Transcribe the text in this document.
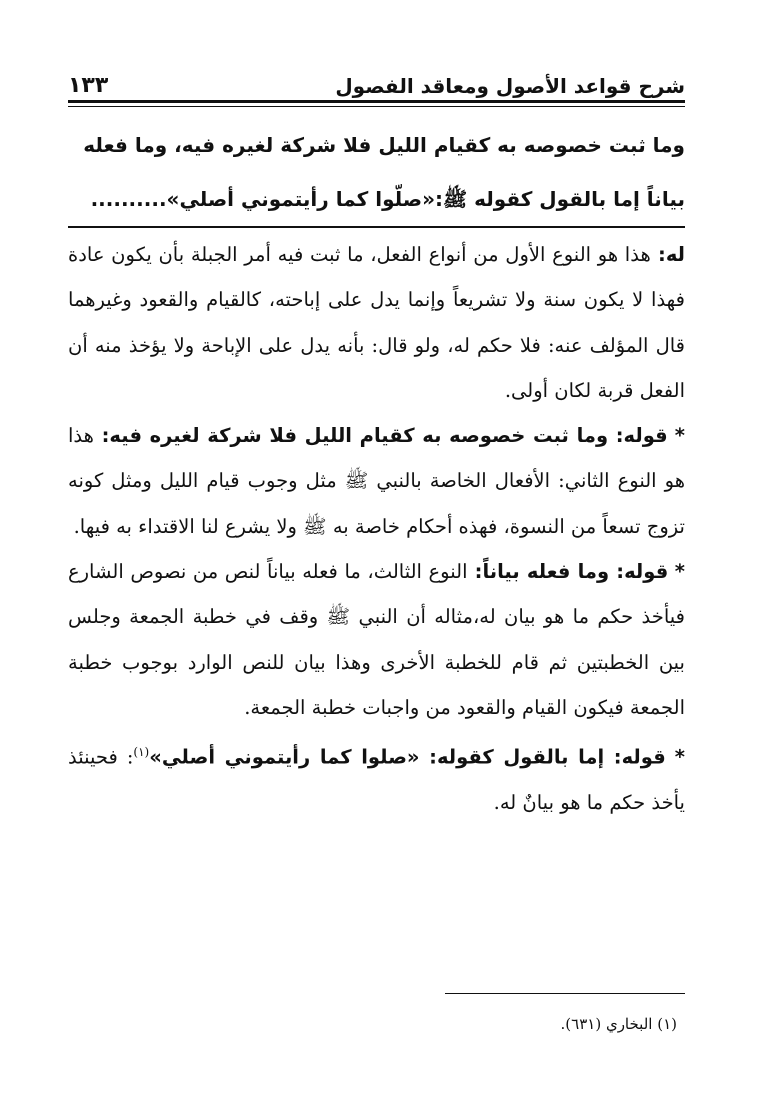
شرح قواعد الأصول ومعاقد الفصول
١٣٣
وما ثبت خصوصه به كقيام الليل فلا شركة لغيره فيه، وما فعله
بياناً إما بالقول كقوله ﷺ:«صلّوا كما رأيتموني أصلي»..........

له: هذا هو النوع الأول من أنواع الفعل، ما ثبت فيه أمر الجبلة بأن يكون عادة فهذا لا يكون سنة ولا تشريعاً وإنما يدل على إباحته، كالقيام والقعود وغيرهما قال المؤلف عنه: فلا حكم له، ولو قال: بأنه يدل على الإباحة ولا يؤخذ منه أن الفعل قربة لكان أولى.

* قوله: وما ثبت خصوصه به كقيام الليل فلا شركة لغيره فيه: هذا هو النوع الثاني: الأفعال الخاصة بالنبي ﷺ مثل وجوب قيام الليل ومثل كونه تزوج تسعاً من النسوة، فهذه أحكام خاصة به ﷺ ولا يشرع لنا الاقتداء به فيها.

* قوله: وما فعله بياناً: النوع الثالث، ما فعله بياناً لنص من نصوص الشارع فيأخذ حكم ما هو بيان له،مثاله أن النبي ﷺ وقف في خطبة الجمعة وجلس بين الخطبتين ثم قام للخطبة الأخرى وهذا بيان للنص الوارد بوجوب خطبة الجمعة فيكون القيام والقعود من واجبات خطبة الجمعة.

* قوله: إما بالقول كقوله: «صلوا كما رأيتموني أصلي»$^{(١)}$: فحينئذ يأخذ حكم ما هو بيانٌ له.

(١) البخاري (٦٣١).
